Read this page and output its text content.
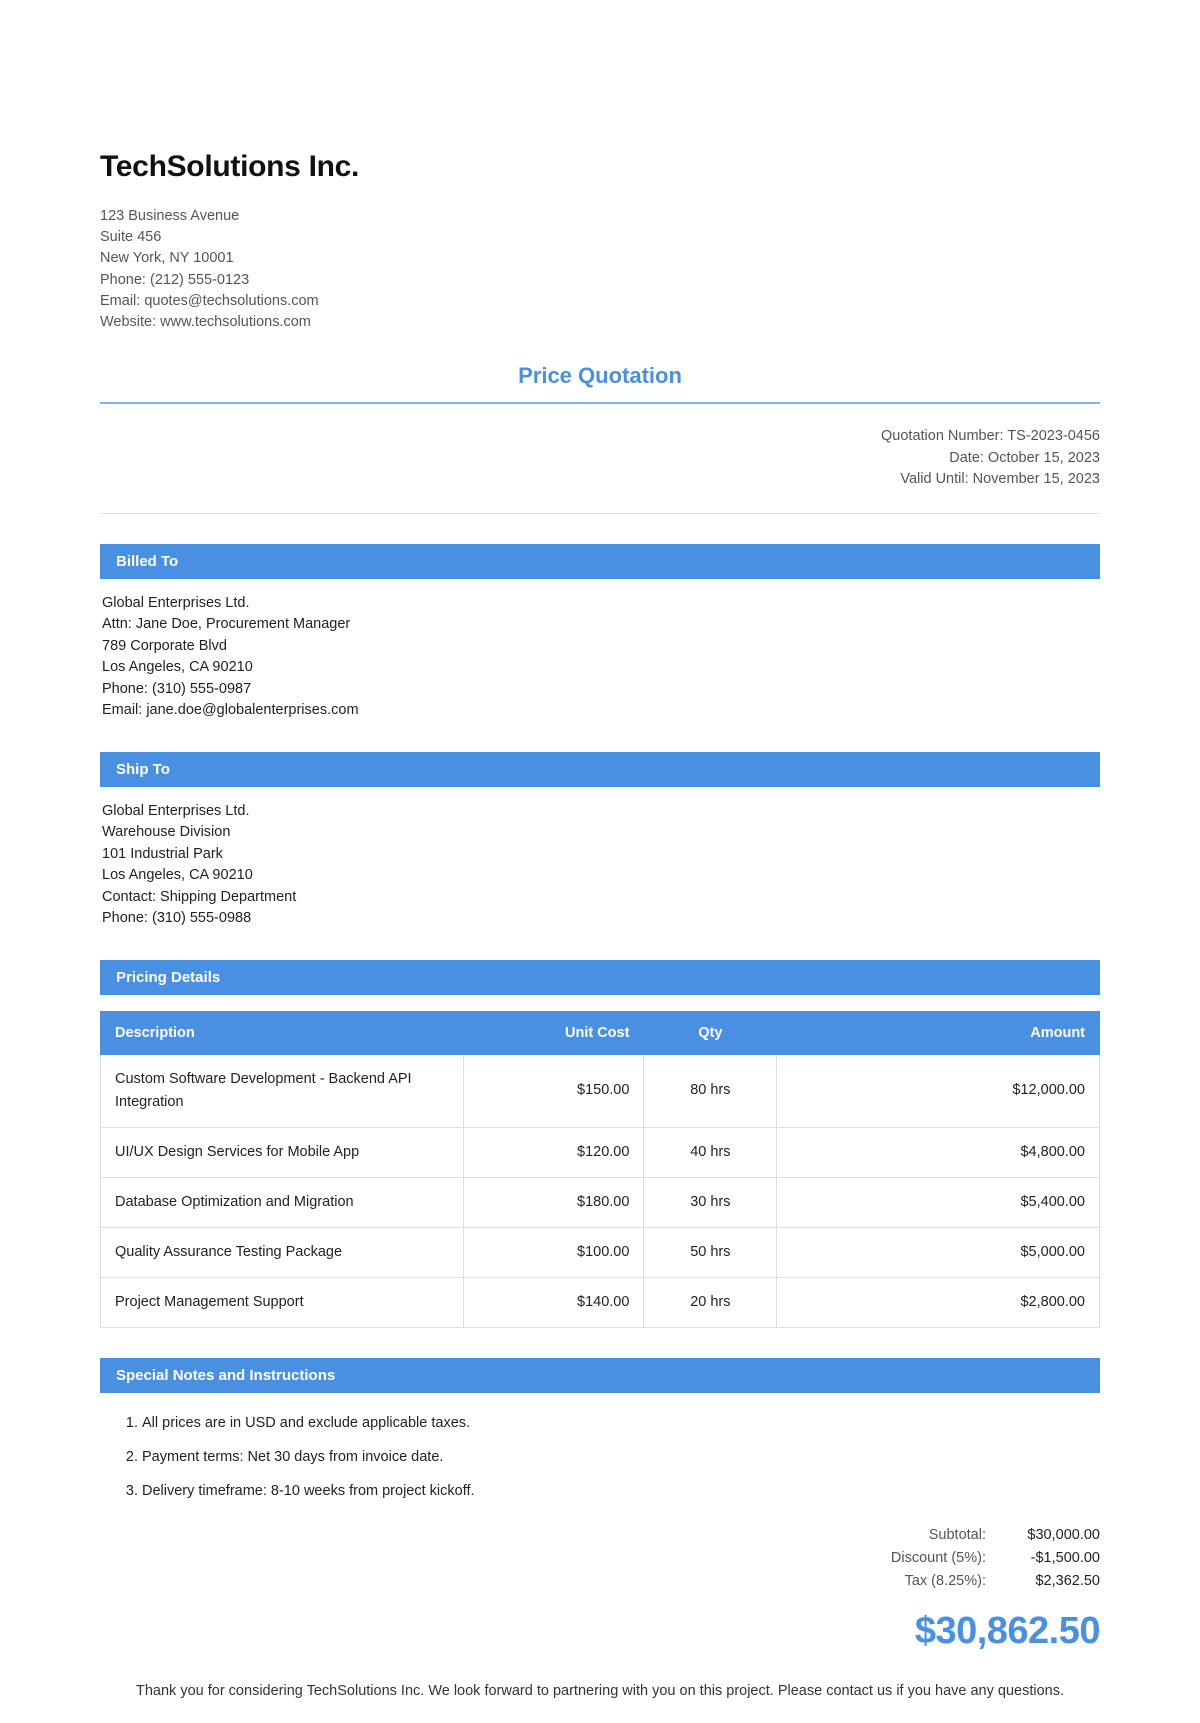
TechSolutions Inc.
123 Business Avenue
Suite 456
New York, NY 10001
Phone: (212) 555-0123
Email: quotes@techsolutions.com
Website: www.techsolutions.com
Price Quotation
Quotation Number: TS-2023-0456
Date: October 15, 2023
Valid Until: November 15, 2023
Billed To
Global Enterprises Ltd.
Attn: Jane Doe, Procurement Manager
789 Corporate Blvd
Los Angeles, CA 90210
Phone: (310) 555-0987
Email: jane.doe@globalenterprises.com
Ship To
Global Enterprises Ltd.
Warehouse Division
101 Industrial Park
Los Angeles, CA 90210
Contact: Shipping Department
Phone: (310) 555-0988
Pricing Details
Description	Unit Cost	Qty	Amount
Custom Software Development - Backend API Integration	$150.00	80 hrs	$12,000.00
UI/UX Design Services for Mobile App	$120.00	40 hrs	$4,800.00
Database Optimization and Migration	$180.00	30 hrs	$5,400.00
Quality Assurance Testing Package	$100.00	50 hrs	$5,000.00
Project Management Support	$140.00	20 hrs	$2,800.00
Special Notes and Instructions
1. All prices are in USD and exclude applicable taxes.
2. Payment terms: Net 30 days from invoice date.
3. Delivery timeframe: 8-10 weeks from project kickoff.
Subtotal:	$30,000.00
Discount (5%):	-$1,500.00
Tax (8.25%):	$2,362.50
$30,862.50
Thank you for considering TechSolutions Inc. We look forward to partnering with you on this project. Please contact us if you have any questions.
